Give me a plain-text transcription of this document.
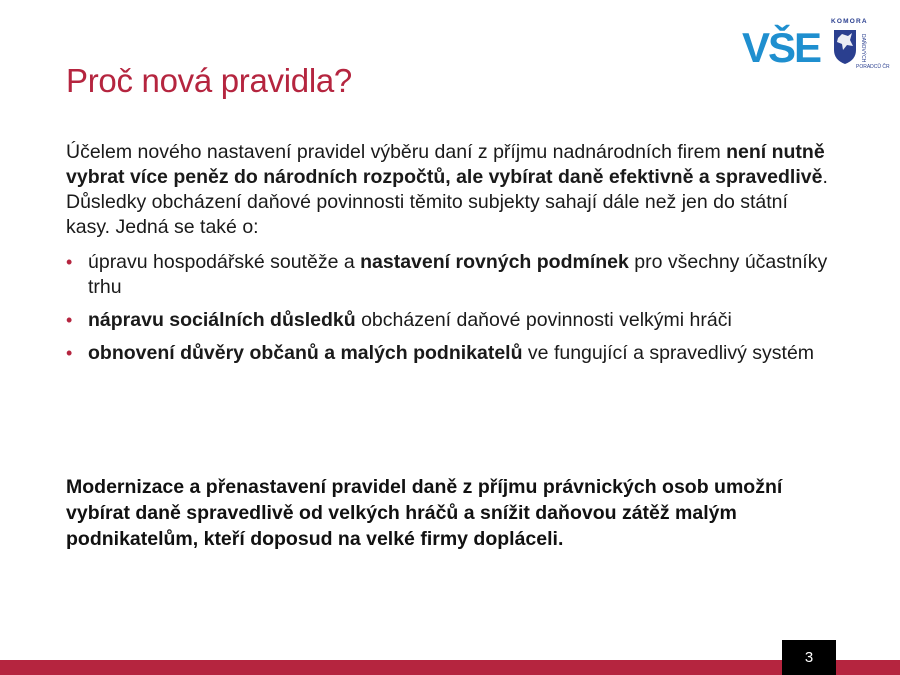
Proč nová pravidla?
VŠE
KOMORA
DAŇOVÝCH
PORADCŮ ČR

Účelem nového nastavení pravidel výběru daní z příjmu nadnárodních firem není nutně vybrat více peněz do národních rozpočtů, ale vybírat daně efektivně a spravedlivě. Důsledky obcházení daňové povinnosti těmito subjekty sahají dále než jen do státní kasy. Jedná se také o:

• úpravu hospodářské soutěže a nastavení rovných podmínek pro všechny účastníky trhu
• nápravu sociálních důsledků obcházení daňové povinnosti velkými hráči
• obnovení důvěry občanů a malých podnikatelů ve fungující a spravedlivý systém
Modernizace a přenastavení pravidel daně z příjmu právnických osob umožní vybírat daně spravedlivě od velkých hráčů a snížit daňovou zátěž malým podnikatelům, kteří doposud na velké firmy dopláceli.
3
